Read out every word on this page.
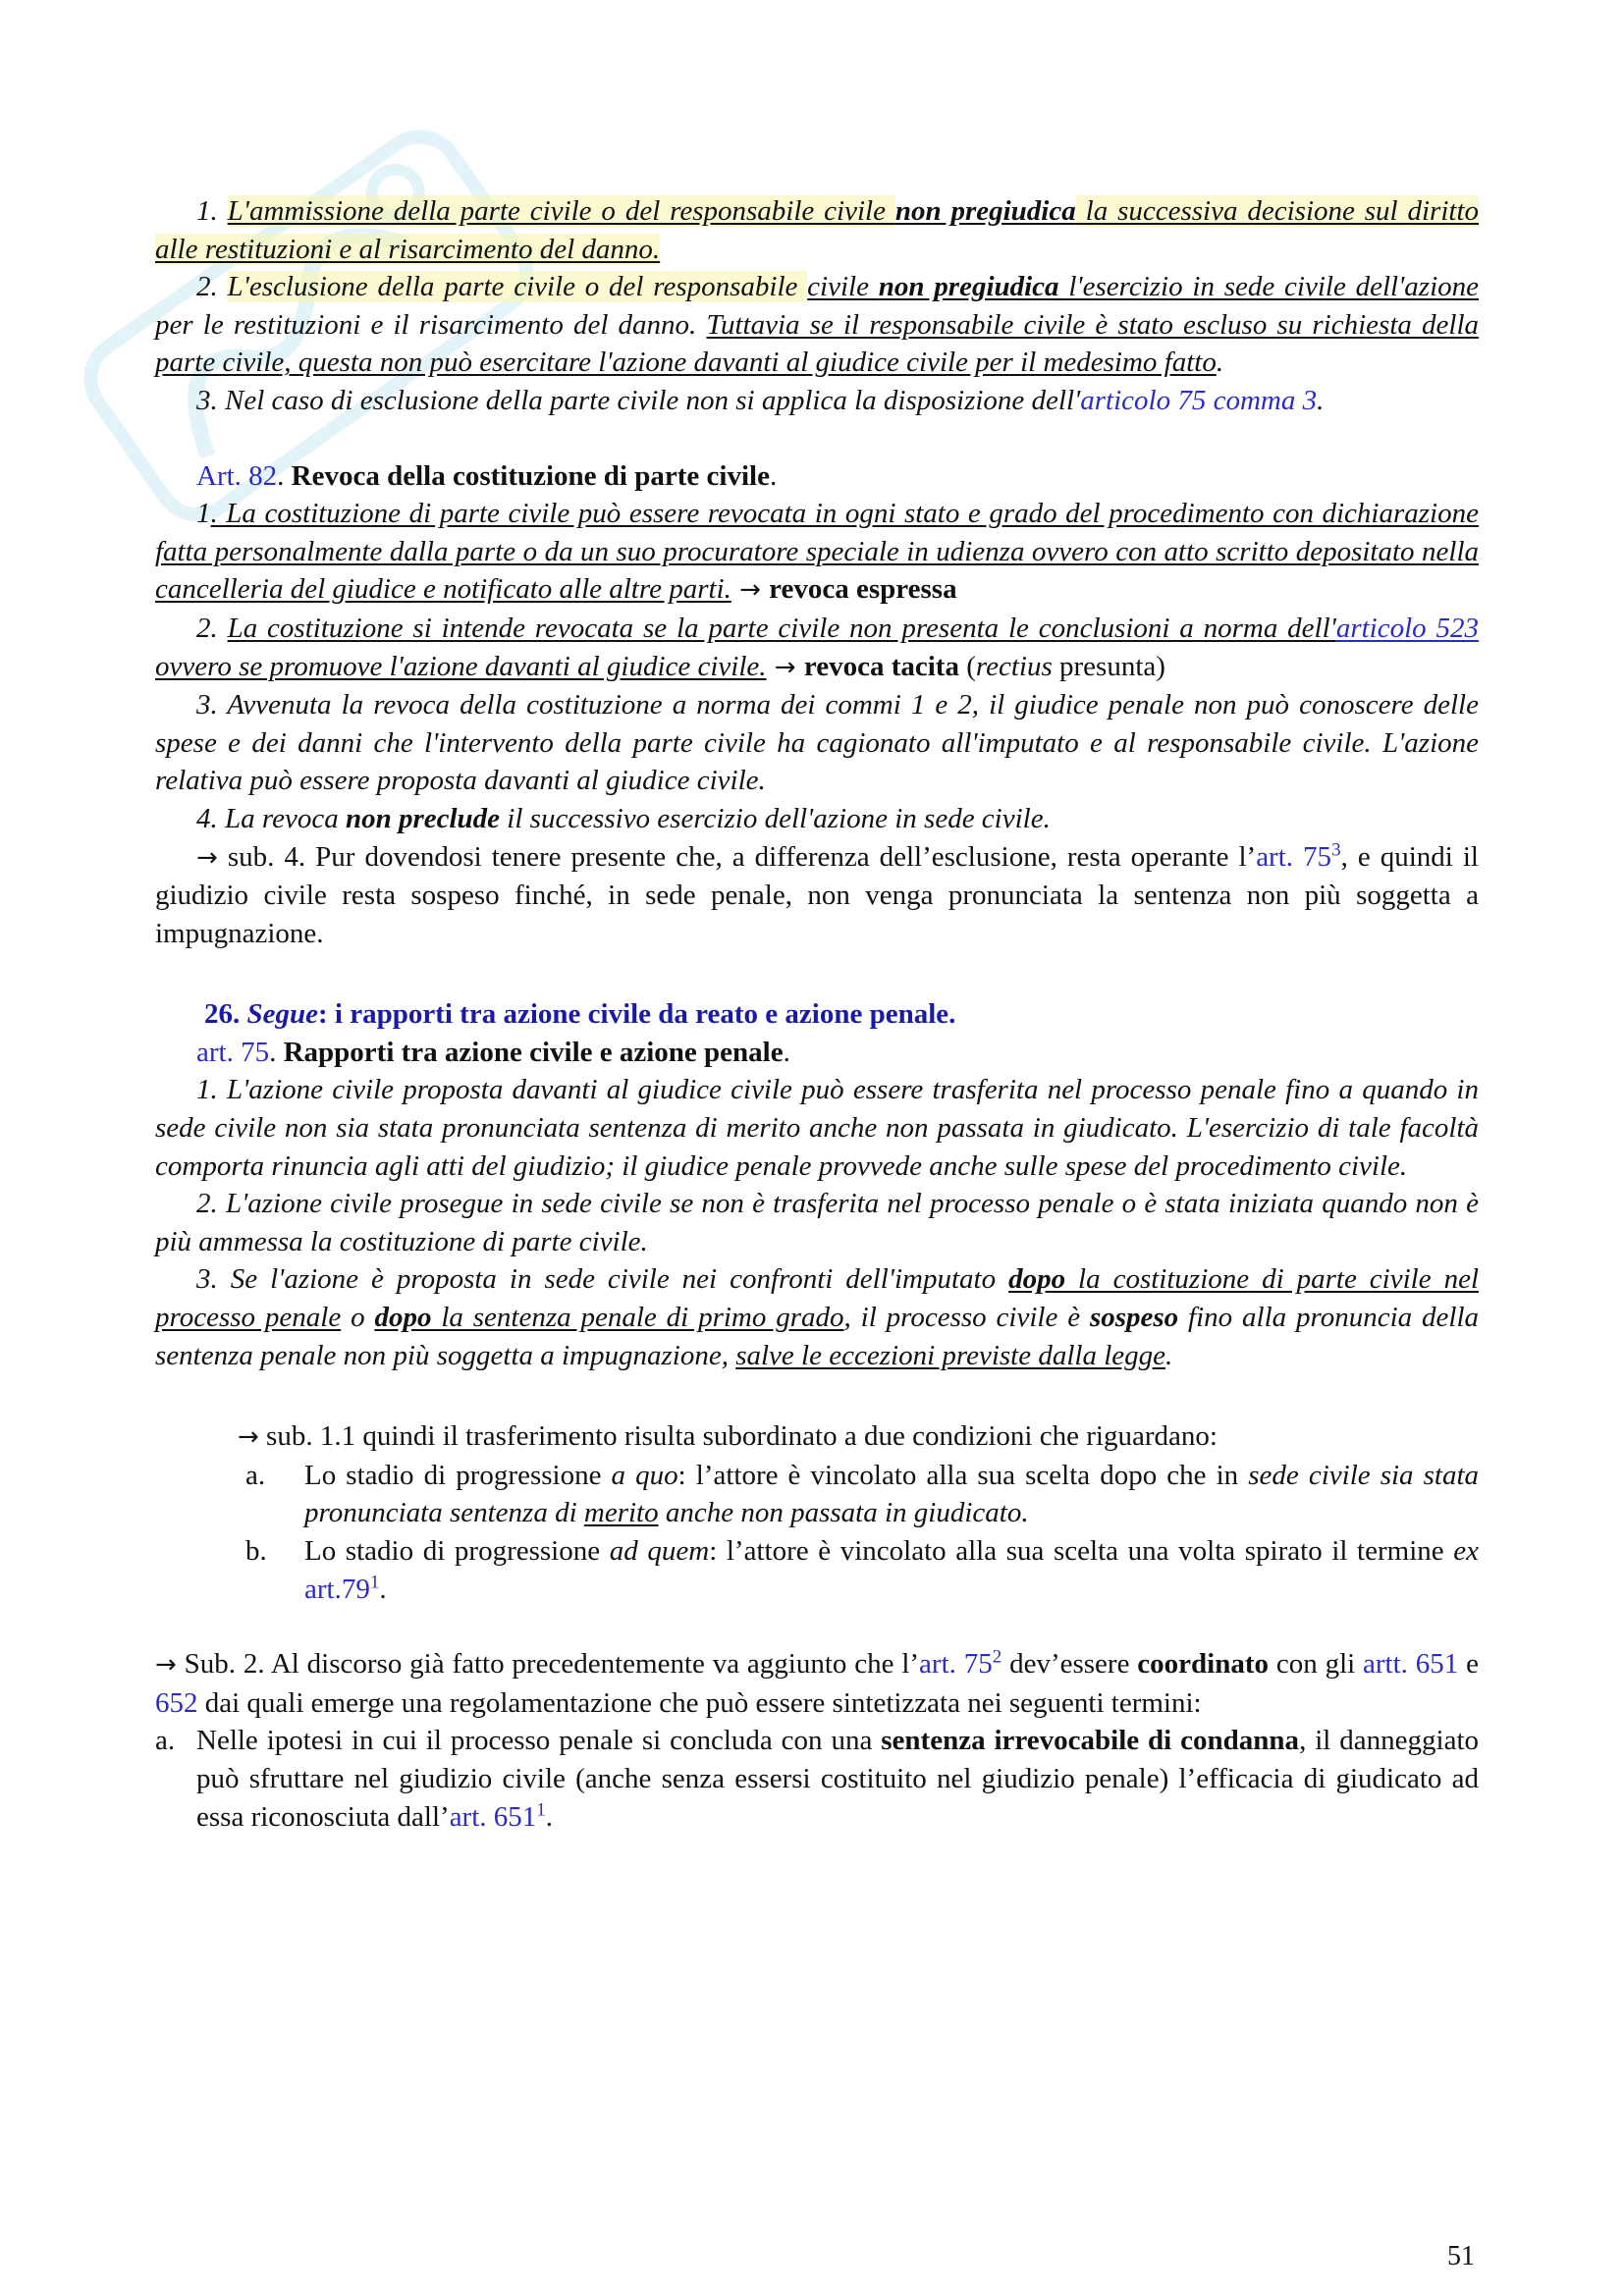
1. L'ammissione della parte civile o del responsabile civile non pregiudica la successiva decisione sul diritto alle restituzioni e al risarcimento del danno.

2. L'esclusione della parte civile o del responsabile civile non pregiudica l'esercizio in sede civile dell'azione per le restituzioni e il risarcimento del danno. Tuttavia se il responsabile civile è stato escluso su richiesta della parte civile, questa non può esercitare l'azione davanti al giudice civile per il medesimo fatto.

3. Nel caso di esclusione della parte civile non si applica la disposizione dell'articolo 75 comma 3.

Art. 82. Revoca della costituzione di parte civile.

1. La costituzione di parte civile può essere revocata in ogni stato e grado del procedimento con dichiarazione fatta personalmente dalla parte o da un suo procuratore speciale in udienza ovvero con atto scritto depositato nella cancelleria del giudice e notificato alle altre parti. → revoca espressa

2. La costituzione si intende revocata se la parte civile non presenta le conclusioni a norma dell'articolo 523 ovvero se promuove l'azione davanti al giudice civile. → revoca tacita (rectius presunta)

3. Avvenuta la revoca della costituzione a norma dei commi 1 e 2, il giudice penale non può conoscere delle spese e dei danni che l'intervento della parte civile ha cagionato all'imputato e al responsabile civile. L'azione relativa può essere proposta davanti al giudice civile.

4. La revoca non preclude il successivo esercizio dell'azione in sede civile.

→ sub. 4. Pur dovendosi tenere presente che, a differenza dell’esclusione, resta operante l’art. $75^3$, e quindi il giudizio civile resta sospeso finché, in sede penale, non venga pronunciata la sentenza non più soggetta a impugnazione.

26. Segue: i rapporti tra azione civile da reato e azione penale.

art. 75. Rapporti tra azione civile e azione penale.

1. L'azione civile proposta davanti al giudice civile può essere trasferita nel processo penale fino a quando in sede civile non sia stata pronunciata sentenza di merito anche non passata in giudicato. L'esercizio di tale facoltà comporta rinuncia agli atti del giudizio; il giudice penale provvede anche sulle spese del procedimento civile.

2. L'azione civile prosegue in sede civile se non è trasferita nel processo penale o è stata iniziata quando non è più ammessa la costituzione di parte civile.

3. Se l'azione è proposta in sede civile nei confronti dell'imputato dopo la costituzione di parte civile nel processo penale o dopo la sentenza penale di primo grado, il processo civile è sospeso fino alla pronuncia della sentenza penale non più soggetta a impugnazione, salve le eccezioni previste dalla legge.

→ sub. 1.1 quindi il trasferimento risulta subordinato a due condizioni che riguardano:

a.	Lo stadio di progressione a quo: l’attore è vincolato alla sua scelta dopo che in sede civile sia stata pronunciata sentenza di merito anche non passata in giudicato.
b.	Lo stadio di progressione ad quem: l’attore è vincolato alla sua scelta una volta spirato il termine ex $art.79^1$.

→ Sub. 2. Al discorso già fatto precedentemente va aggiunto che l’art. $75^2$ dev’essere coordinato con gli artt. 651 e 652 dai quali emerge una regolamentazione che può essere sintetizzata nei seguenti termini:

a. Nelle ipotesi in cui il processo penale si concluda con una sentenza irrevocabile di condanna, il danneggiato può sfruttare nel giudizio civile (anche senza essersi costituito nel giudizio penale) l’efficacia di giudicato ad essa riconosciuta dall’art. $651^1$.
51
